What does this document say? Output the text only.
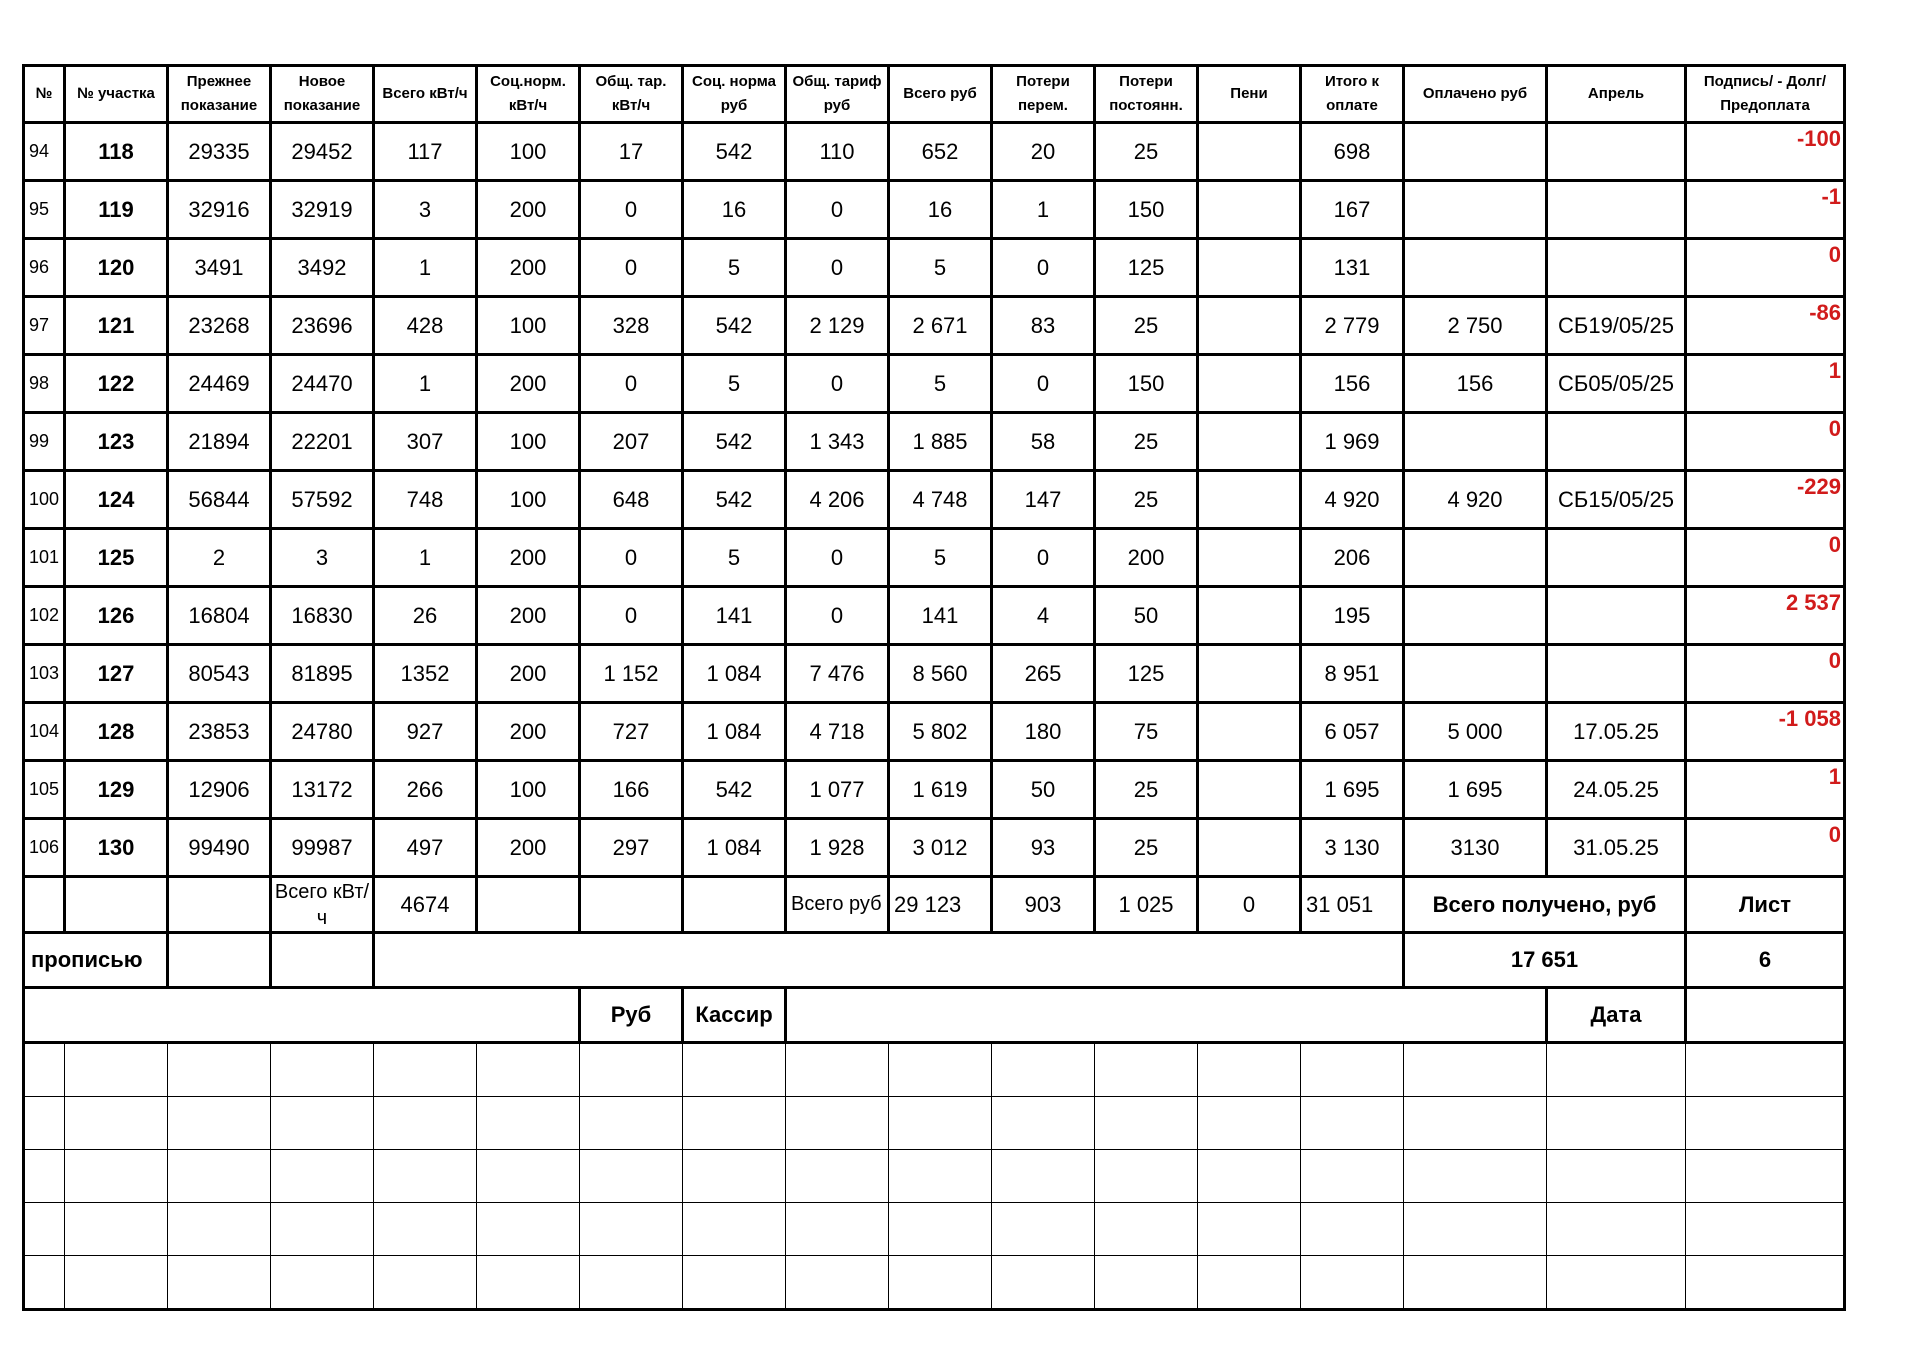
№	№ участка	Прежнее показание	Новое показание	Всего кВт/ч	Соц.норм. кВт/ч	Общ. тар. кВт/ч	Соц. норма руб	Общ. тариф руб	Всего руб	Потери перем.	Потери постоянн.	Пени	Итого к оплате	Оплачено руб	Апрель	Подпись/ - Долг/Предоплата
94	118	29335	29452	117	100	17	542	110	652	20	25		698			-100
95	119	32916	32919	3	200	0	16	0	16	1	150		167			-1
96	120	3491	3492	1	200	0	5	0	5	0	125		131			0
97	121	23268	23696	428	100	328	542	2 129	2 671	83	25		2 779	2 750	СБ19/05/25	-86
98	122	24469	24470	1	200	0	5	0	5	0	150		156	156	СБ05/05/25	1
99	123	21894	22201	307	100	207	542	1 343	1 885	58	25		1 969			0
100	124	56844	57592	748	100	648	542	4 206	4 748	147	25		4 920	4 920	СБ15/05/25	-229
101	125	2	3	1	200	0	5	0	5	0	200		206			0
102	126	16804	16830	26	200	0	141	0	141	4	50		195			2 537
103	127	80543	81895	1352	200	1 152	1 084	7 476	8 560	265	125		8 951			0
104	128	23853	24780	927	200	727	1 084	4 718	5 802	180	75		6 057	5 000	17.05.25	-1 058
105	129	12906	13172	266	100	166	542	1 077	1 619	50	25		1 695	1 695	24.05.25	1
106	130	99490	99987	497	200	297	1 084	1 928	3 012	93	25		3 130	3130	31.05.25	0
			Всего кВт/ч	4674				Всего руб	29 123	903	1 025	0	31 051	Всего получено, руб		Лист
прописью														17 651		6
						Руб	Кассир								Дата	
